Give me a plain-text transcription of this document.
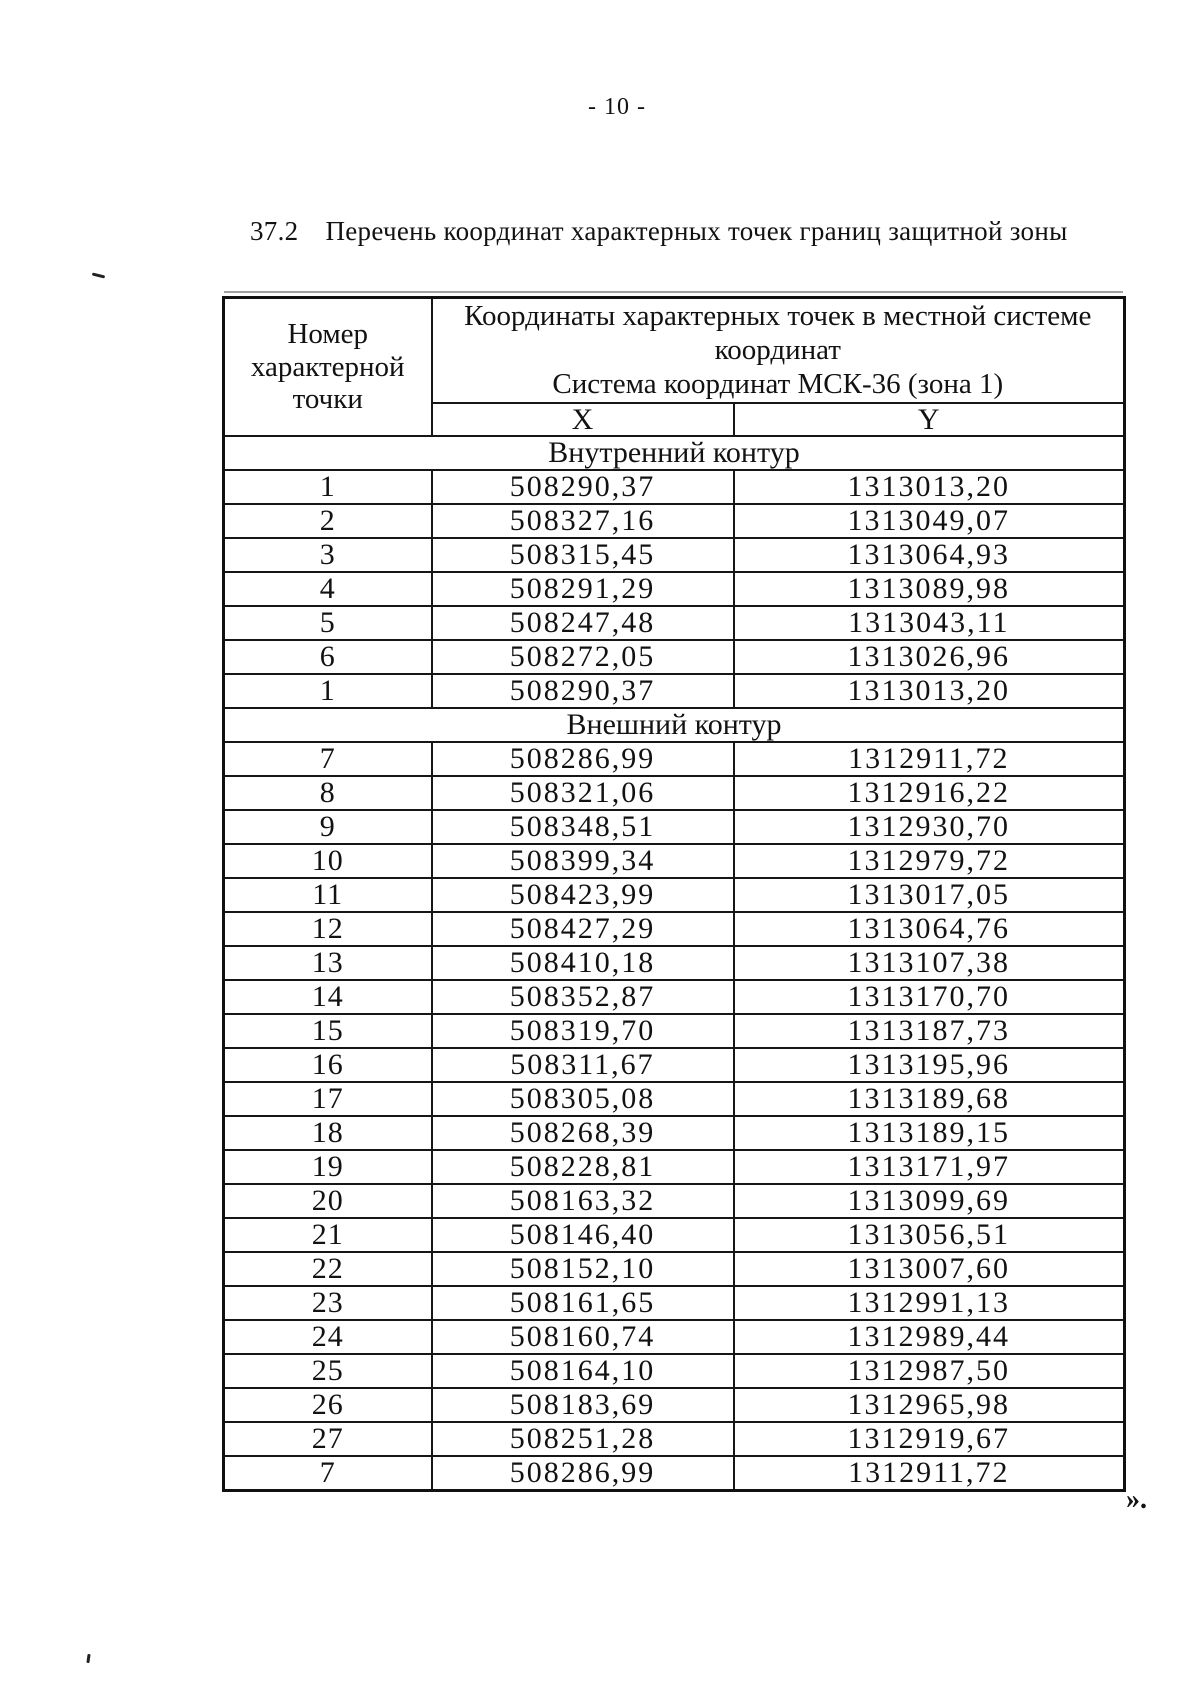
- 10 -
37.2 Перечень координат характерных точек границ защитной зоны
Номер характерной точки	Координаты характерных точек в местной системе
координат
Система координат МСК-36 (зона 1)	

	X	Y
Внутренний контур		
1	508290,37	1313013,20
2	508327,16	1313049,07
3	508315,45	1313064,93
4	508291,29	1313089,98
5	508247,48	1313043,11
6	508272,05	1313026,96
1	508290,37	1313013,20
Внешний контур		
7	508286,99	1312911,72
8	508321,06	1312916,22
9	508348,51	1312930,70
10	508399,34	1312979,72
11	508423,99	1313017,05
12	508427,29	1313064,76
13	508410,18	1313107,38
14	508352,87	1313170,70
15	508319,70	1313187,73
16	508311,67	1313195,96
17	508305,08	1313189,68
18	508268,39	1313189,15
19	508228,81	1313171,97
20	508163,32	1313099,69
21	508146,40	1313056,51
22	508152,10	1313007,60
23	508161,65	1312991,13
24	508160,74	1312989,44
25	508164,10	1312987,50
26	508183,69	1312965,98
27	508251,28	1312919,67
7	508286,99	1312911,72
».
